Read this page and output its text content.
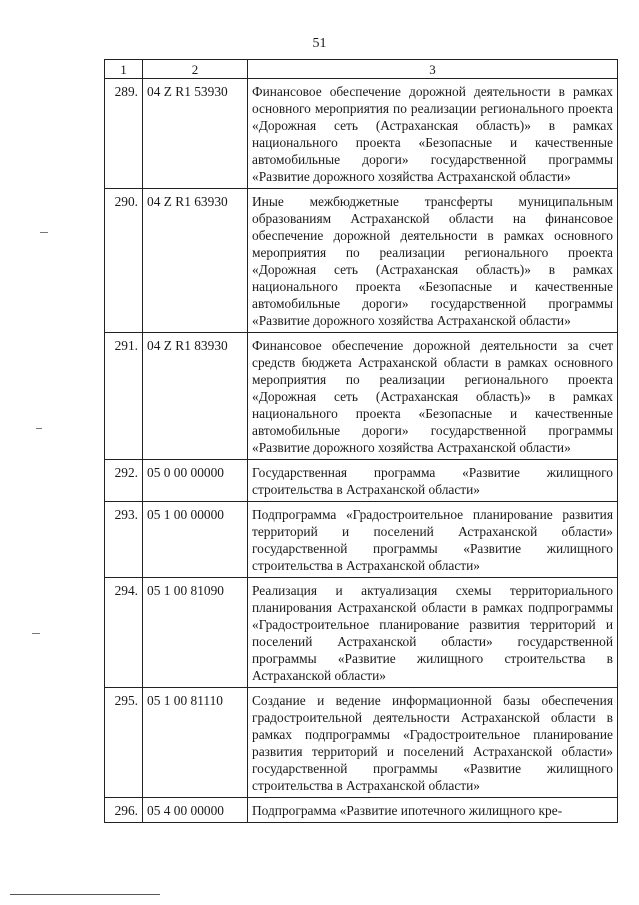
51
1	2	3
289.	04 Z R1 53930	Финансовое обеспечение дорожной деятельности в рамках основного мероприятия по реализации регионального проекта «Дорожная сеть (Астраханская область)» в рамках национального проекта «Безопасные и качественные автомобильные дороги» государственной программы «Развитие дорожного хозяйства Астраханской области»
290.	04 Z R1 63930	Иные межбюджетные трансферты муниципальным образованиям Астраханской области на финансовое обеспечение дорожной деятельности в рамках основного мероприятия по реализации регионального проекта «Дорожная сеть (Астраханская область)» в рамках национального проекта «Безопасные и качественные автомобильные дороги» государственной программы «Развитие дорожного хозяйства Астраханской области»
291.	04 Z R1 83930	Финансовое обеспечение дорожной деятельности за счет средств бюджета Астраханской области в рамках основного мероприятия по реализации регионального проекта «Дорожная сеть (Астраханская область)» в рамках национального проекта «Безопасные и качественные автомобильные дороги» государственной программы «Развитие дорожного хозяйства Астраханской области»
292.	05 0 00 00000	Государственная программа «Развитие жилищного строительства в Астраханской области»
293.	05 1 00 00000	Подпрограмма «Градостроительное планирование развития территорий и поселений Астраханской области» государственной программы «Развитие жилищного строительства в Астраханской области»
294.	05 1 00 81090	Реализация и актуализация схемы территориального планирования Астраханской области в рамках подпрограммы «Градостроительное планирование развития территорий и поселений Астраханской области» государственной программы «Развитие жилищного строительства в Астраханской области»
295.	05 1 00 81110	Создание и ведение информационной базы обеспечения градостроительной деятельности Астраханской области в рамках подпрограммы «Градостроительное планирование развития территорий и поселений Астраханской области» государственной программы «Развитие жилищного строительства в Астраханской области»
296.	05 4 00 00000	Подпрограмма «Развитие ипотечного жилищного кре-
